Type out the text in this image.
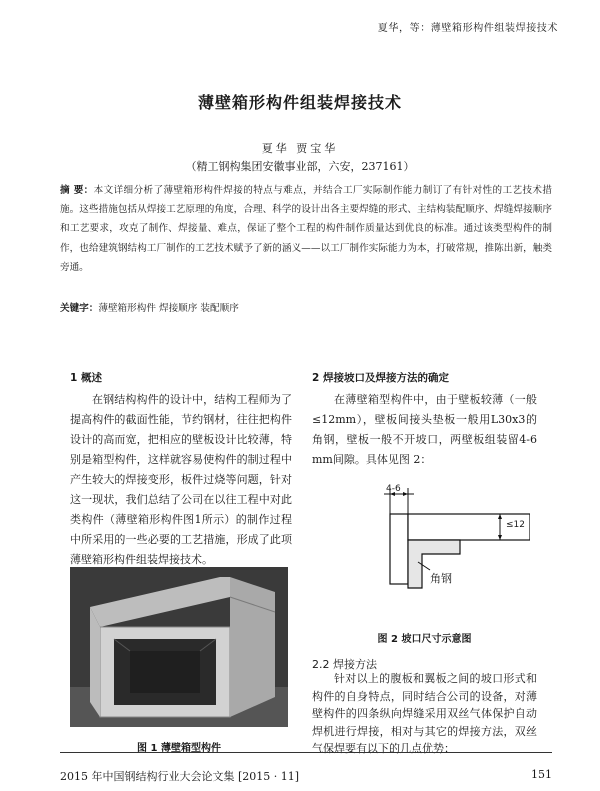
夏华，等：薄壁箱形构件组装焊接技术
薄壁箱形构件组装焊接技术
夏华 贾宝华
（精工钢构集团安徽事业部，六安，237161）
摘 要：本文详细分析了薄壁箱形构件焊接的特点与难点，并结合工厂实际制作能力制订了有针对性的工艺技术措施。这些措施包括从焊接工艺原理的角度，合理、科学的设计出各主要焊缝的形式、主结构装配顺序、焊缝焊接顺序和工艺要求，攻克了制作、焊接量、难点，保证了整个工程的构件制作质量达到优良的标准。通过该类型构件的制作，也给建筑钢结构工厂制作的工艺技术赋予了新的涵义——以工厂制作实际能力为本，打破常规，推陈出新，触类旁通。
关键字：薄壁箱形构件 焊接顺序 装配顺序
1 概述
在钢结构构件的设计中，结构工程师为了提高构件的截面性能，节约钢材，往往把构件设计的高而宽，把相应的壁板设计比较薄，特别是箱型构件，这样就容易使构件的制过程中产生较大的焊接变形，板件过烧等问题，针对这一现状，我们总结了公司在以往工程中对此类构件（薄壁箱形构件图1所示）的制作过程中所采用的一些必要的工艺措施，形成了此项薄壁箱形构件组装焊接技术。
图 1 薄壁箱型构件
2 焊接坡口及焊接方法的确定
在薄壁箱型构件中，由于壁板较薄（一般≤12mm），壁板间接头垫板一般用L30x3的角钢，壁板一般不开坡口，两壁板组装留4-6 mm间隙。具体见图 2：
4-6
≤12
角钢
图 2 坡口尺寸示意图
2.2 焊接方法
针对以上的腹板和翼板之间的坡口形式和构件的自身特点，同时结合公司的设备，对薄壁构件的四条纵向焊缝采用双丝气体保护自动焊机进行焊接，相对与其它的焊接方法，双丝气保焊要有以下的几点优势：
2015 年中国钢结构行业大会论文集 [2015 · 11]	151
